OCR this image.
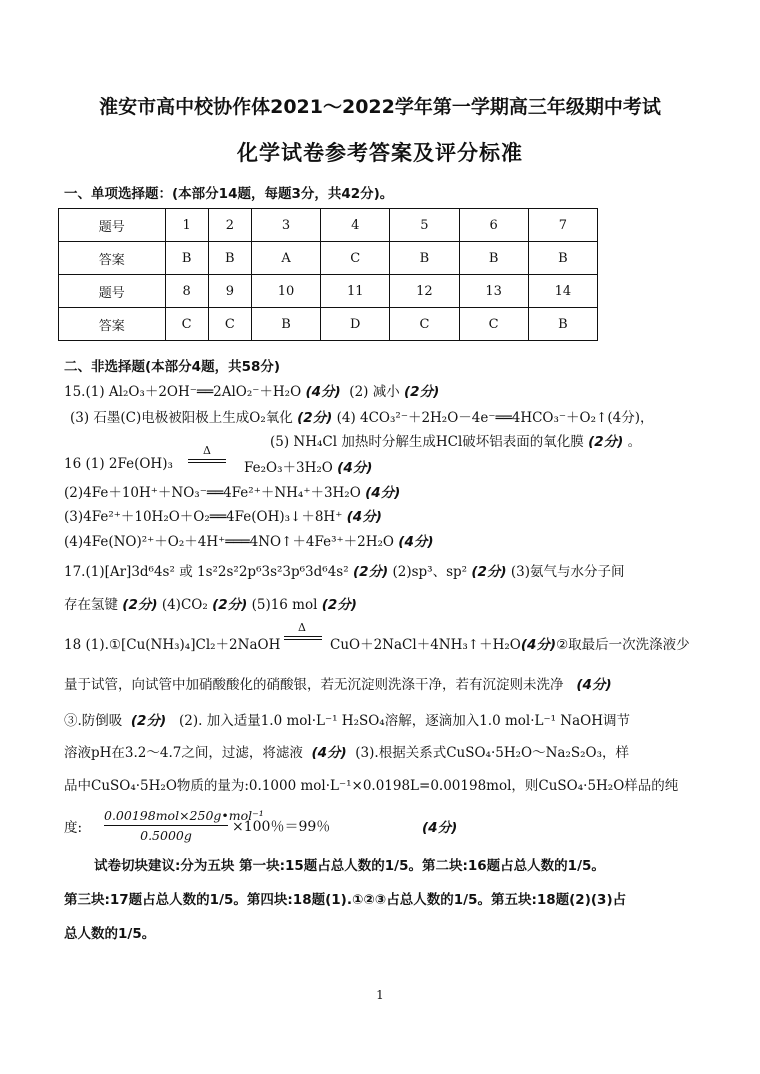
淮安市高中校协作体2021～2022学年第一学期高三年级期中考试
化学试卷参考答案及评分标准
一、单项选择题：(本部分14题，每题3分，共42分)。
题号	1	2	3	4	5	6	7
答案	B	B	A	C	B	B	B
题号	8	9	10	11	12	13	14
答案	C	C	B	D	C	C	B
二、非选择题(本部分4题，共58分)
15.(1) Al₂O₃＋2OH⁻══2AlO₂⁻＋H₂O (4分) (2) 减小 (2分)
(3) 石墨(C)电极被阳极上生成O₂氧化 (2分) (4) 4CO₃²⁻＋2H₂O－4e⁻══4HCO₃⁻＋O₂↑(4分)，
(5) NH₄Cl 加热时分解生成HCl破坏铝表面的氧化膜 (2分) 。
16 (1) 2Fe(OH)₃
Δ
Fe₂O₃＋3H₂O (4分)
(2)4Fe＋10H⁺＋NO₃⁻══4Fe²⁺＋NH₄⁺＋3H₂O (4分)
(3)4Fe²⁺＋10H₂O＋O₂══4Fe(OH)₃↓＋8H⁺ (4分)
(4)4Fe(NO)²⁺＋O₂＋4H⁺═══4NO↑＋4Fe³⁺＋2H₂O (4分)
17.(1)[Ar]3d⁶4s² 或 1s²2s²2p⁶3s²3p⁶3d⁶4s² (2分) (2)sp³、sp² (2分) (3)氨气与水分子间
存在氢键 (2分) (4)CO₂ (2分) (5)16 mol (2分)
18 (1).①[Cu(NH₃)₄]Cl₂＋2NaOH
Δ
CuO＋2NaCl＋4NH₃↑＋H₂O(4分)②取最后一次洗涤液少
量于试管，向试管中加硝酸酸化的硝酸银，若无沉淀则洗涤干净，若有沉淀则未洗净 (4分)
③.防倒吸 (2分) (2). 加入适量1.0 mol·L⁻¹ H₂SO₄溶解，逐滴加入1.0 mol·L⁻¹ NaOH调节
溶液pH在3.2～4.7之间，过滤，将滤液 (4分) (3).根据关系式CuSO₄·5H₂O～Na₂S₂O₃，样
品中CuSO₄·5H₂O物质的量为:0.1000 mol·L⁻¹×0.0198L=0.00198mol，则CuSO₄·5H₂O样品的纯
度:
0.00198mol×250g•mol⁻¹
0.5000g
×100％＝99％	(4分)
试卷切块建议:分为五块 第一块:15题占总人数的1/5。第二块:16题占总人数的1/5。
第三块:17题占总人数的1/5。第四块:18题(1).①②③占总人数的1/5。第五块:18题(2)(3)占
总人数的1/5。
1
